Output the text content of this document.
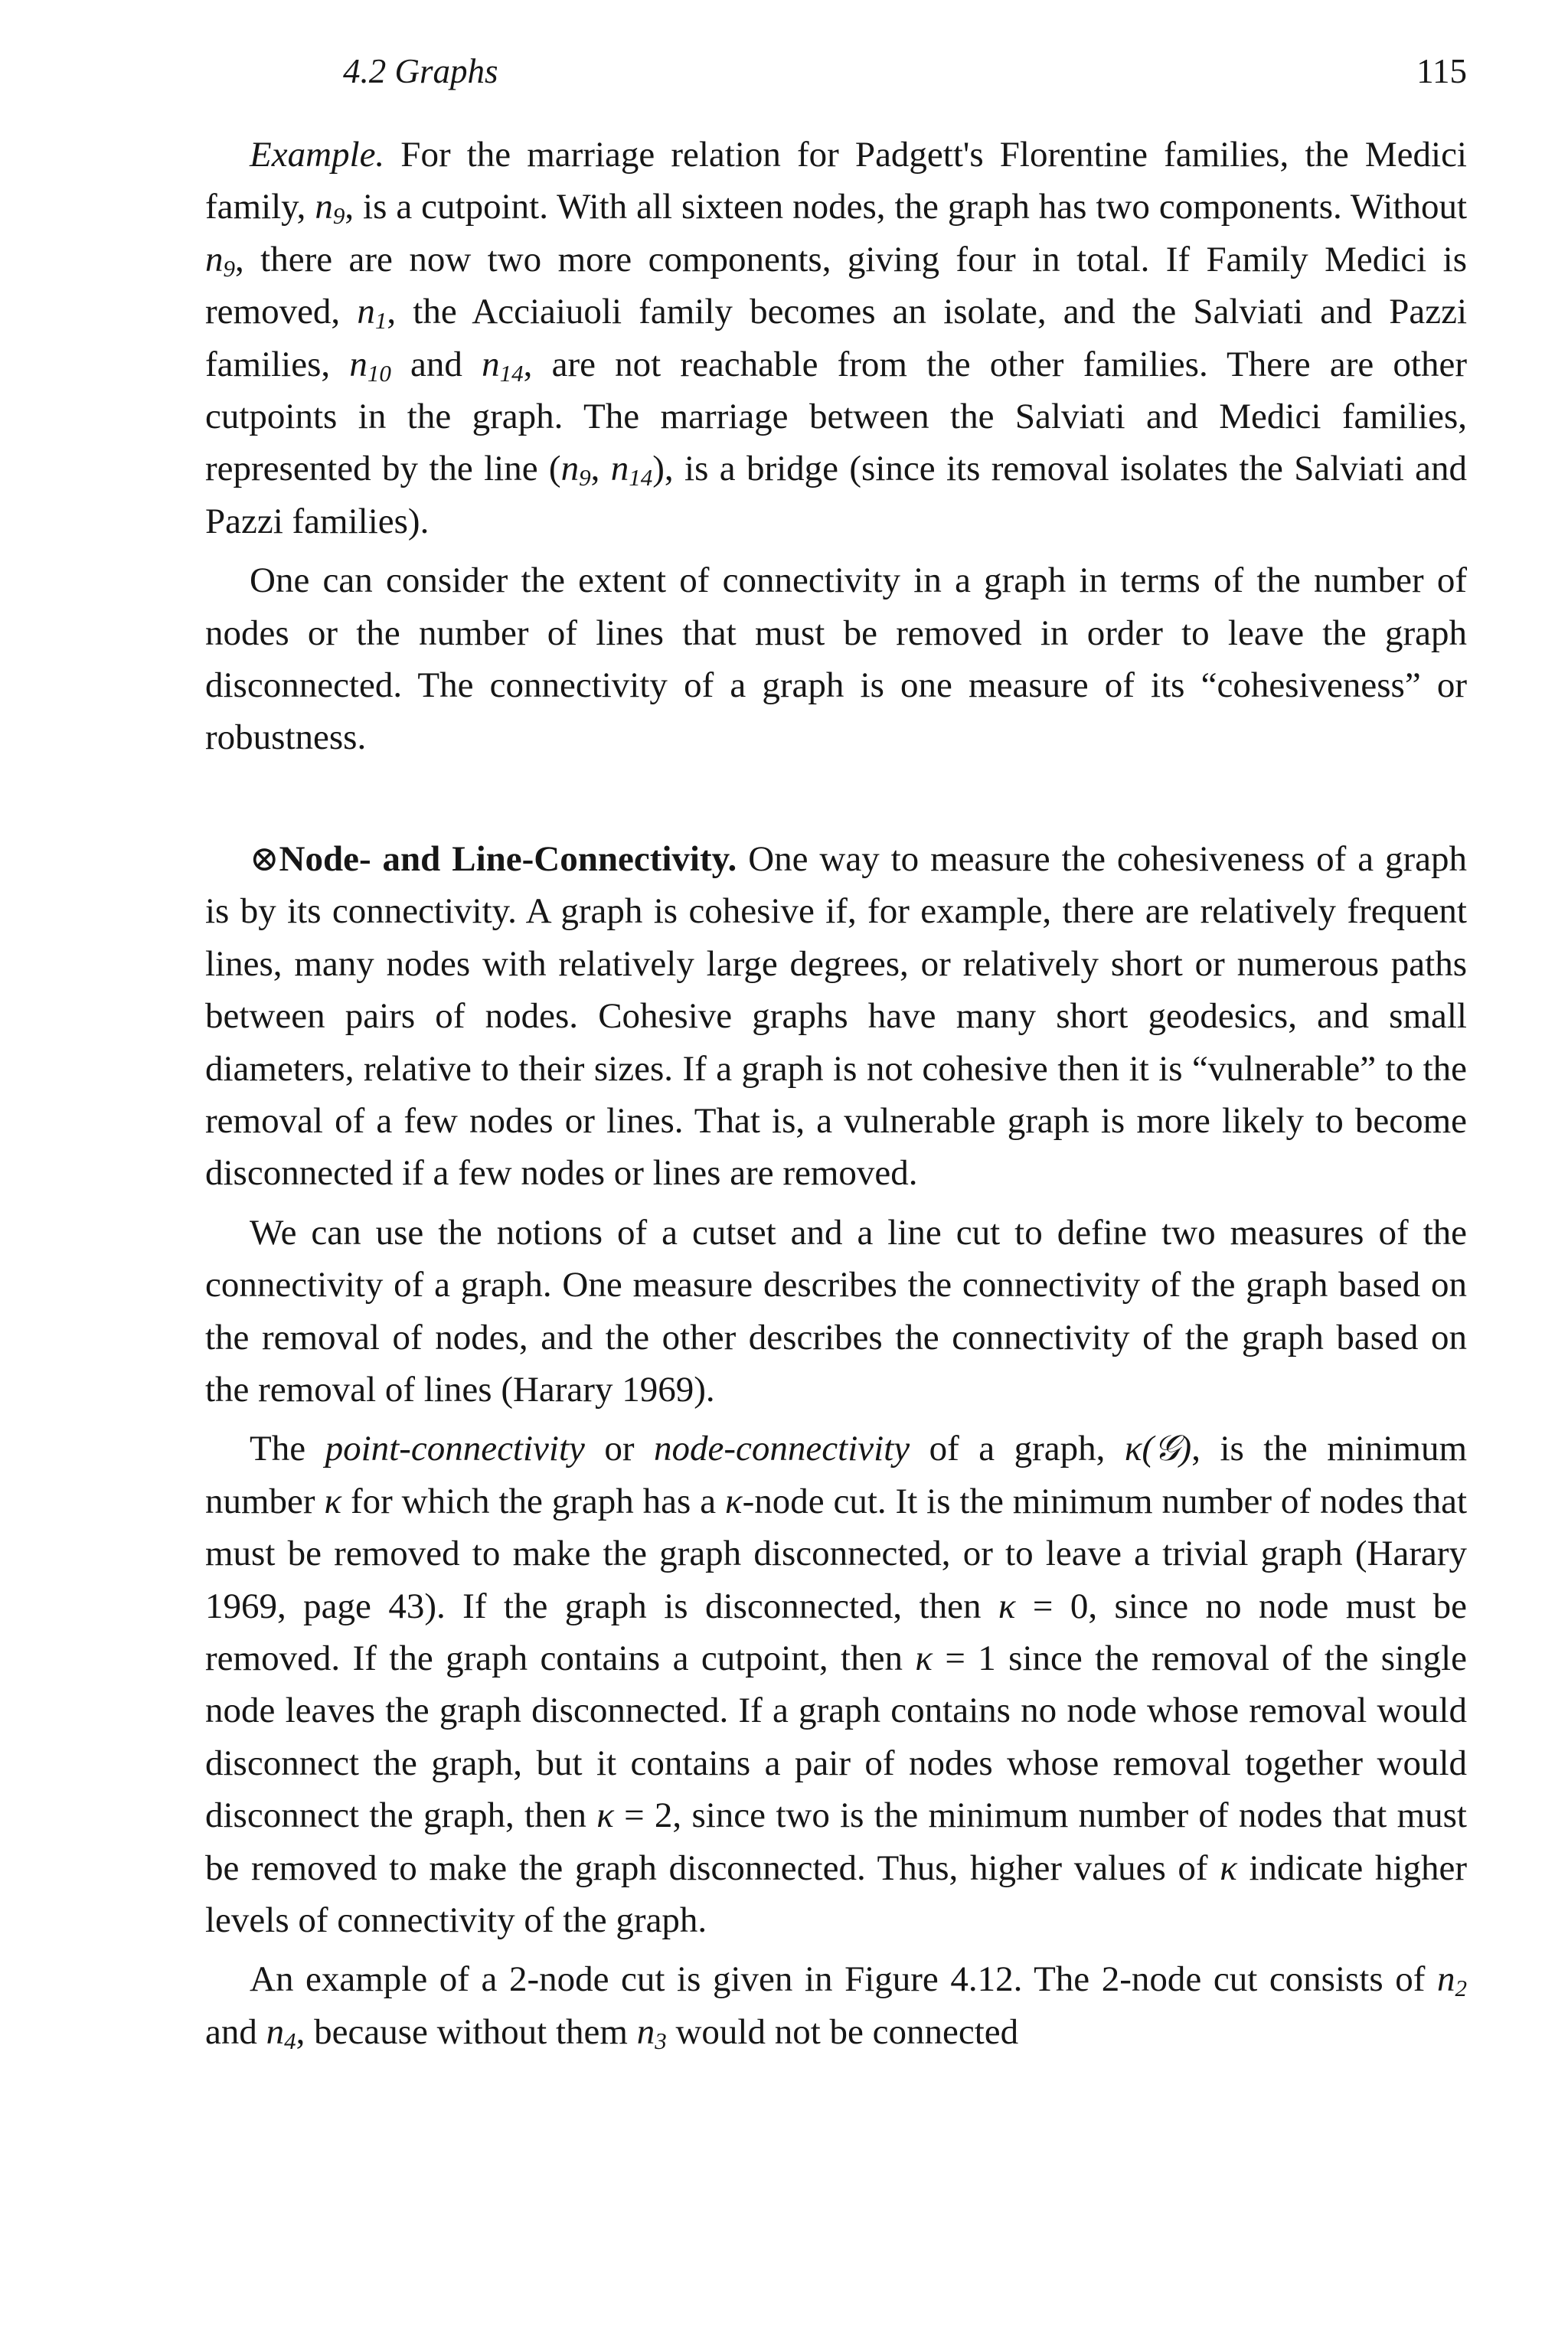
4.2 Graphs	115

Example. For the marriage relation for Padgett's Florentine families, the Medici family, $n_9$, is a cutpoint. With all sixteen nodes, the graph has two components. Without $n_9$, there are now two more components, giving four in total. If Family Medici is removed, $n_1$, the Acciaiuoli family becomes an isolate, and the Salviati and Pazzi families, $n_{10}$ and $n_{14}$, are not reachable from the other families. There are other cutpoints in the graph. The marriage between the Salviati and Medici families, represented by the line ($n_9$, $n_{14}$), is a bridge (since its removal isolates the Salviati and Pazzi families).

One can consider the extent of connectivity in a graph in terms of the number of nodes or the number of lines that must be removed in order to leave the graph disconnected. The connectivity of a graph is one measure of its “cohesiveness” or robustness.

⊗Node- and Line-Connectivity. One way to measure the cohesiveness of a graph is by its connectivity. A graph is cohesive if, for example, there are relatively frequent lines, many nodes with relatively large degrees, or relatively short or numerous paths between pairs of nodes. Cohesive graphs have many short geodesics, and small diameters, relative to their sizes. If a graph is not cohesive then it is “vulnerable” to the removal of a few nodes or lines. That is, a vulnerable graph is more likely to become disconnected if a few nodes or lines are removed.

We can use the notions of a cutset and a line cut to define two measures of the connectivity of a graph. One measure describes the connectivity of the graph based on the removal of nodes, and the other describes the connectivity of the graph based on the removal of lines (Harary 1969).

The point-connectivity or node-connectivity of a graph, κ(𝒢), is the minimum number κ for which the graph has a κ-node cut. It is the minimum number of nodes that must be removed to make the graph disconnected, or to leave a trivial graph (Harary 1969, page 43). If the graph is disconnected, then κ = 0, since no node must be removed. If the graph contains a cutpoint, then κ = 1 since the removal of the single node leaves the graph disconnected. If a graph contains no node whose removal would disconnect the graph, but it contains a pair of nodes whose removal together would disconnect the graph, then κ = 2, since two is the minimum number of nodes that must be removed to make the graph disconnected. Thus, higher values of κ indicate higher levels of connectivity of the graph.

An example of a 2-node cut is given in Figure 4.12. The 2-node cut consists of $n_2$ and $n_4$, because without them $n_3$ would not be connected
